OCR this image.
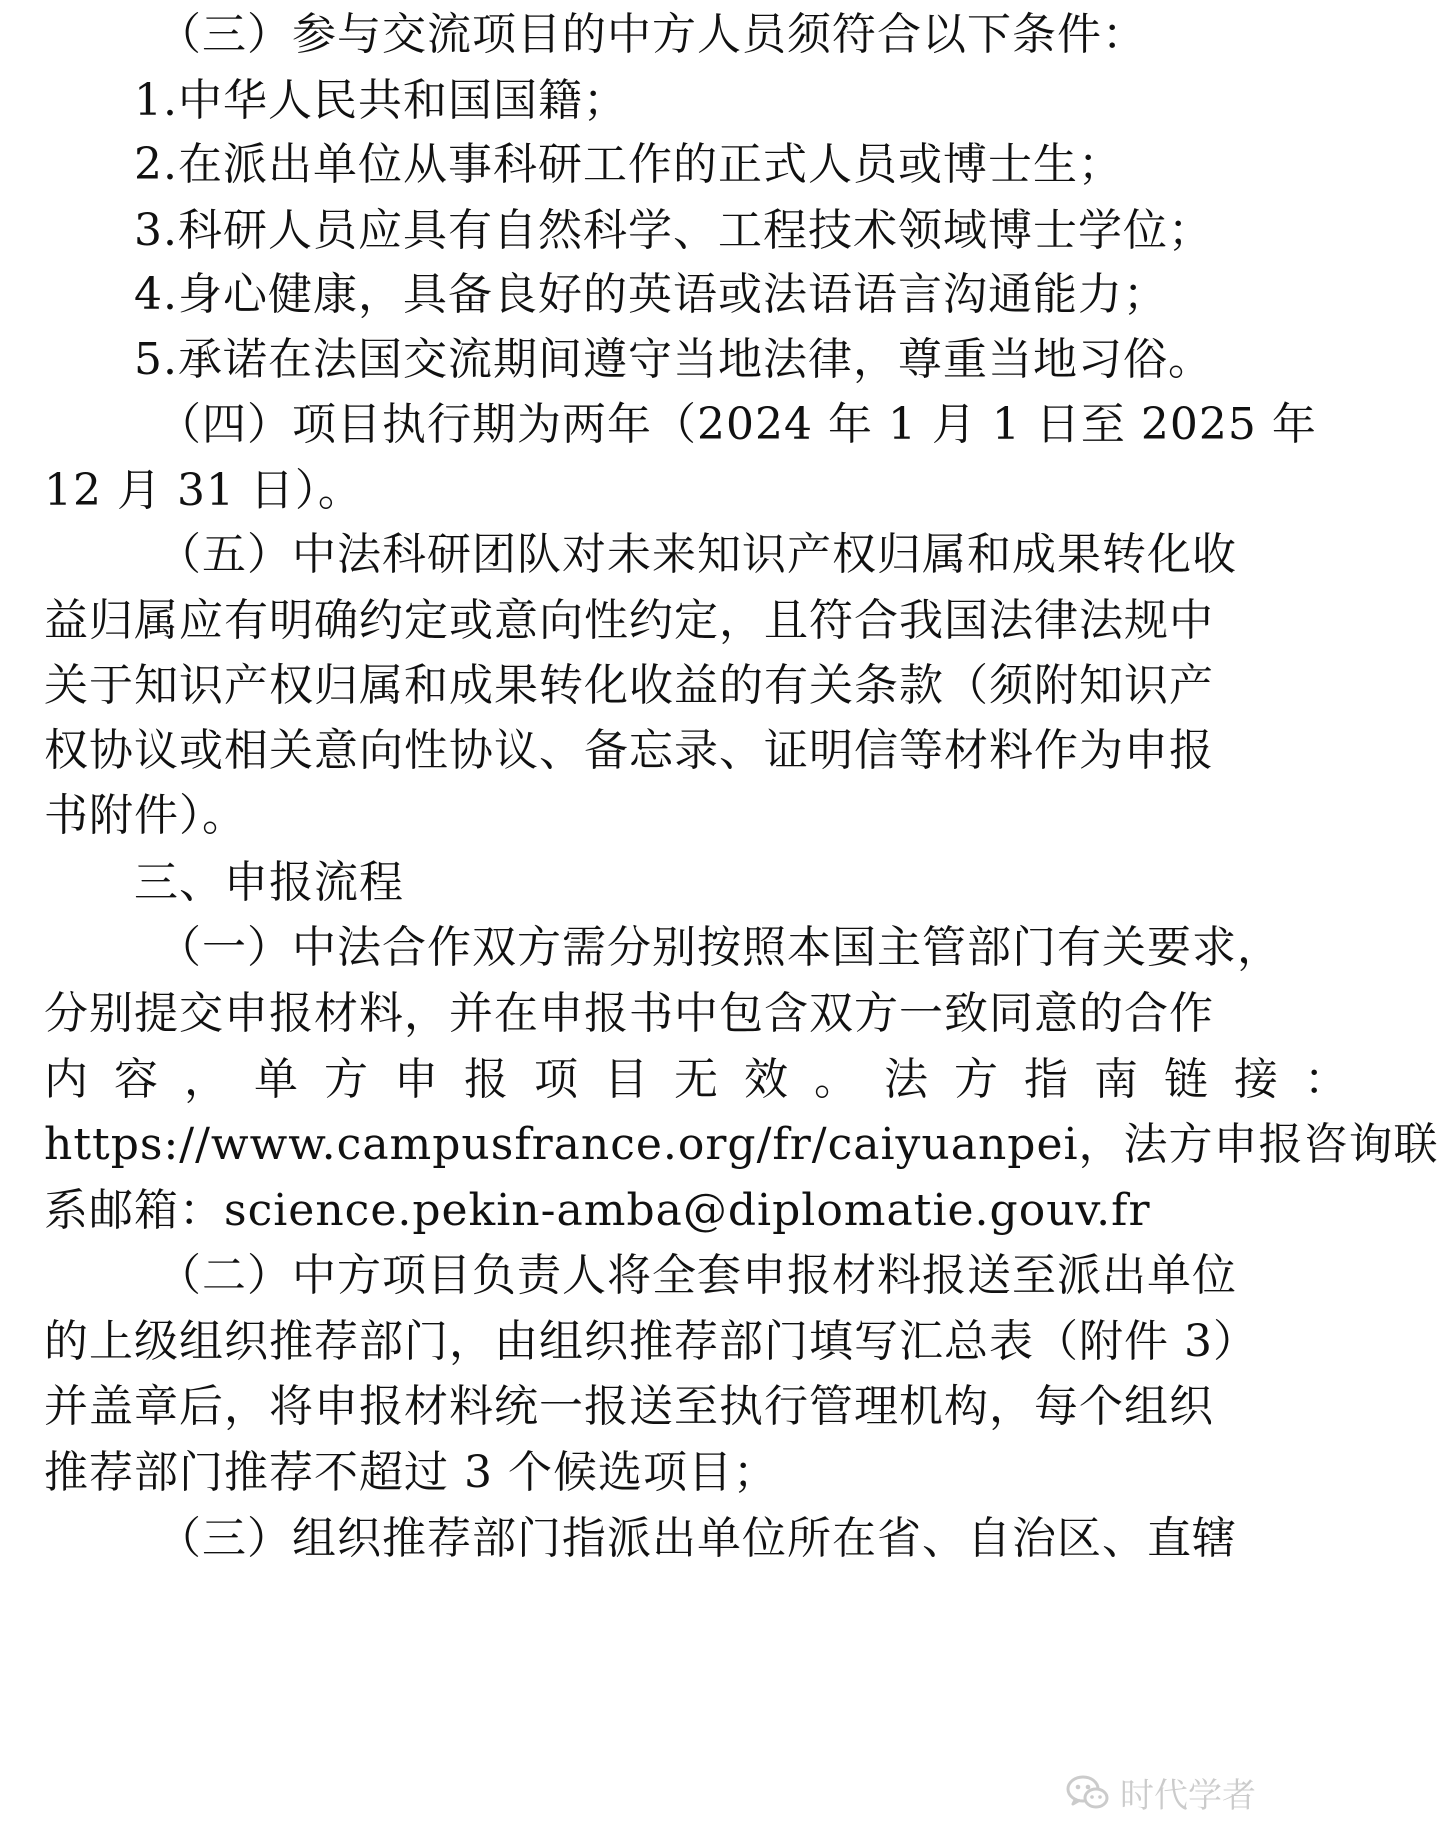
（三）参与交流项目的中方人员须符合以下条件：
1.中华人民共和国国籍；
2.在派出单位从事科研工作的正式人员或博士生；
3.科研人员应具有自然科学、工程技术领域博士学位；
4.身心健康，具备良好的英语或法语语言沟通能力；
5.承诺在法国交流期间遵守当地法律，尊重当地习俗。
（四）项目执行期为两年（2024 年 1 月 1 日至 2025 年
12 月 31 日）。
（五）中法科研团队对未来知识产权归属和成果转化收
益归属应有明确约定或意向性约定，且符合我国法律法规中
关于知识产权归属和成果转化收益的有关条款（须附知识产
权协议或相关意向性协议、备忘录、证明信等材料作为申报
书附件）。
三、申报流程
（一）中法合作双方需分别按照本国主管部门有关要求，
分别提交申报材料，并在申报书中包含双方一致同意的合作
内容，单方申报项目无效。法方指南链接：
https://www.campusfrance.org/fr/caiyuanpei，法方申报咨询联
系邮箱：science.pekin-amba@diplomatie.gouv.fr
（二）中方项目负责人将全套申报材料报送至派出单位
的上级组织推荐部门，由组织推荐部门填写汇总表（附件 3）
并盖章后，将申报材料统一报送至执行管理机构，每个组织
推荐部门推荐不超过 3 个候选项目；
（三）组织推荐部门指派出单位所在省、自治区、直辖
时代学者
